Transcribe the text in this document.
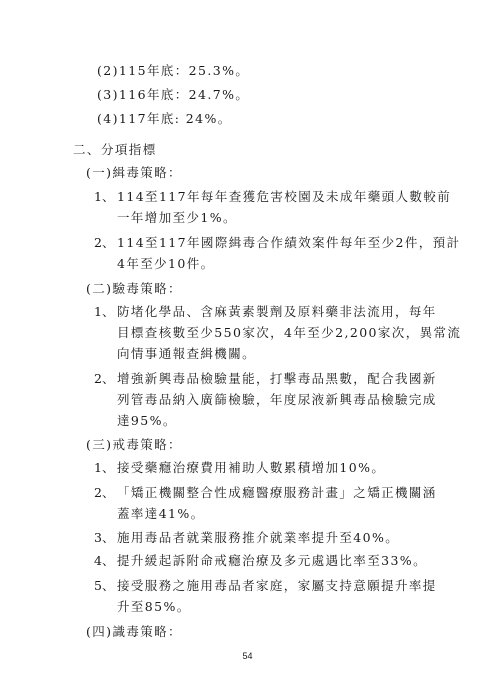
(2)115年底：25.3%。
(3)116年底：24.7%。
(4)117年底: 24%。
二、 分項指標
(一)緝毒策略：
1、 114至117年每年查獲危害校園及未成年藥頭人數較前
一年增加至少1%。
2、 114至117年國際緝毒合作績效案件每年至少2件，預計
4年至少10件。
(二)驗毒策略：
1、 防堵化學品、含麻黃素製劑及原料藥非法流用，每年
目標查核數至少550家次，4年至少2,200家次，異常流
向情事通報查緝機關。
2、 增強新興毒品檢驗量能，打擊毒品黑數，配合我國新
列管毒品納入廣篩檢驗，年度尿液新興毒品檢驗完成
達95%。
(三)戒毒策略：
1、 接受藥癮治療費用補助人數累積增加10%。
2、 「矯正機關整合性成癮醫療服務計畫」之矯正機關涵
蓋率達41%。
3、 施用毒品者就業服務推介就業率提升至40%。
4、 提升緩起訴附命戒癮治療及多元處遇比率至33%。
5、 接受服務之施用毒品者家庭，家屬支持意願提升率提
升至85%。
(四)識毒策略：
54
